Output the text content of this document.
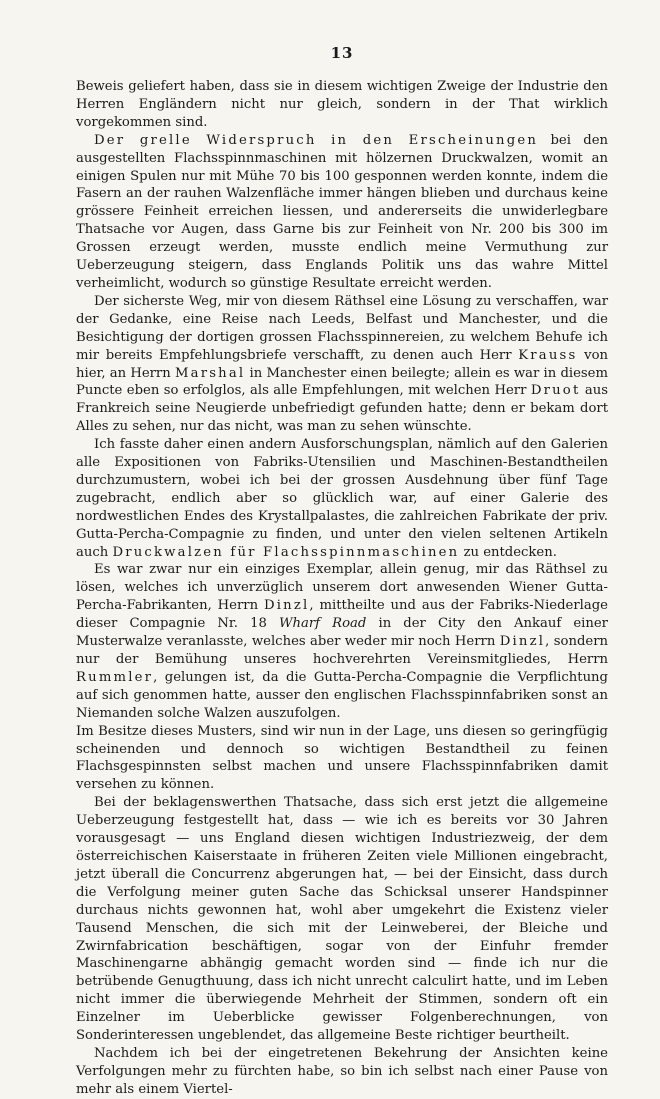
13

Beweis geliefert haben, dass sie in diesem wichtigen Zweige der Industrie den Herren Engländern nicht nur gleich, sondern in der That wirklich vorgekommen sind.

Der grelle Widerspruch in den Erscheinungen bei den ausgestellten Flachsspinnmaschinen mit hölzernen Druckwalzen, womit an einigen Spulen nur mit Mühe 70 bis 100 gesponnen werden konnte, indem die Fasern an der rauhen Walzenfläche immer hängen blieben und durchaus keine grössere Feinheit erreichen liessen, und andererseits die unwiderlegbare Thatsache vor Augen, dass Garne bis zur Feinheit von Nr. 200 bis 300 im Grossen erzeugt werden, musste endlich meine Vermuthung zur Ueberzeugung steigern, dass Englands Politik uns das wahre Mittel verheimlicht, wodurch so günstige Resultate erreicht werden.

Der sicherste Weg, mir von diesem Räthsel eine Lösung zu verschaffen, war der Gedanke, eine Reise nach Leeds, Belfast und Manchester, und die Besichtigung der dortigen grossen Flachsspinnereien, zu welchem Behufe ich mir bereits Empfehlungsbriefe verschafft, zu denen auch Herr Krauss von hier, an Herrn Marshal in Manchester einen beilegte; allein es war in diesem Puncte eben so erfolglos, als alle Empfehlungen, mit welchen Herr Druot aus Frankreich seine Neugierde unbefriedigt gefunden hatte; denn er bekam dort Alles zu sehen, nur das nicht, was man zu sehen wünschte.

Ich fasste daher einen andern Ausforschungsplan, nämlich auf den Galerien alle Expositionen von Fabriks-Utensilien und Maschinen-Bestandtheilen durchzumustern, wobei ich bei der grossen Ausdehnung über fünf Tage zugebracht, endlich aber so glücklich war, auf einer Galerie des nordwestlichen Endes des Krystallpalastes, die zahlreichen Fabrikate der priv. Gutta-Percha-Compagnie zu finden, und unter den vielen seltenen Artikeln auch Druckwalzen für Flachsspinnmaschinen zu entdecken.

Es war zwar nur ein einziges Exemplar, allein genug, mir das Räthsel zu lösen, welches ich unverzüglich unserem dort anwesenden Wiener Gutta-Percha-Fabrikanten, Herrn Dinzl, mittheilte und aus der Fabriks-Niederlage dieser Compagnie Nr. 18 Wharf Road in der City den Ankauf einer Musterwalze veranlasste, welches aber weder mir noch Herrn Dinzl, sondern nur der Bemühung unseres hochverehrten Vereinsmitgliedes, Herrn Rummler, gelungen ist, da die Gutta-Percha-Compagnie die Verpflichtung auf sich genommen hatte, ausser den englischen Flachsspinnfabriken sonst an Niemanden solche Walzen auszufolgen.

Im Besitze dieses Musters, sind wir nun in der Lage, uns diesen so geringfügig scheinenden und dennoch so wichtigen Bestandtheil zu feinen Flachsgespinnsten selbst machen und unsere Flachsspinnfabriken damit versehen zu können.

Bei der beklagenswerthen Thatsache, dass sich erst jetzt die allgemeine Ueberzeugung festgestellt hat, dass — wie ich es bereits vor 30 Jahren vorausgesagt — uns England diesen wichtigen Industriezweig, der dem österreichischen Kaiserstaate in früheren Zeiten viele Millionen eingebracht, jetzt überall die Concurrenz abgerungen hat, — bei der Einsicht, dass durch die Verfolgung meiner guten Sache das Schicksal unserer Handspinner durchaus nichts gewonnen hat, wohl aber umgekehrt die Existenz vieler Tausend Menschen, die sich mit der Leinweberei, der Bleiche und Zwirnfabrication beschäftigen, sogar von der Einfuhr fremder Maschinengarne abhängig gemacht worden sind — finde ich nur die betrübende Genugthuung, dass ich nicht unrecht calculirt hatte, und im Leben nicht immer die überwiegende Mehrheit der Stimmen, sondern oft ein Einzelner im Ueberblicke gewisser Folgenberechnungen, von Sonderinteressen ungeblendet, das allgemeine Beste richtiger beurtheilt.

Nachdem ich bei der eingetretenen Bekehrung der Ansichten keine Verfolgungen mehr zu fürchten habe, so bin ich selbst nach einer Pause von mehr als einem Viertel-
